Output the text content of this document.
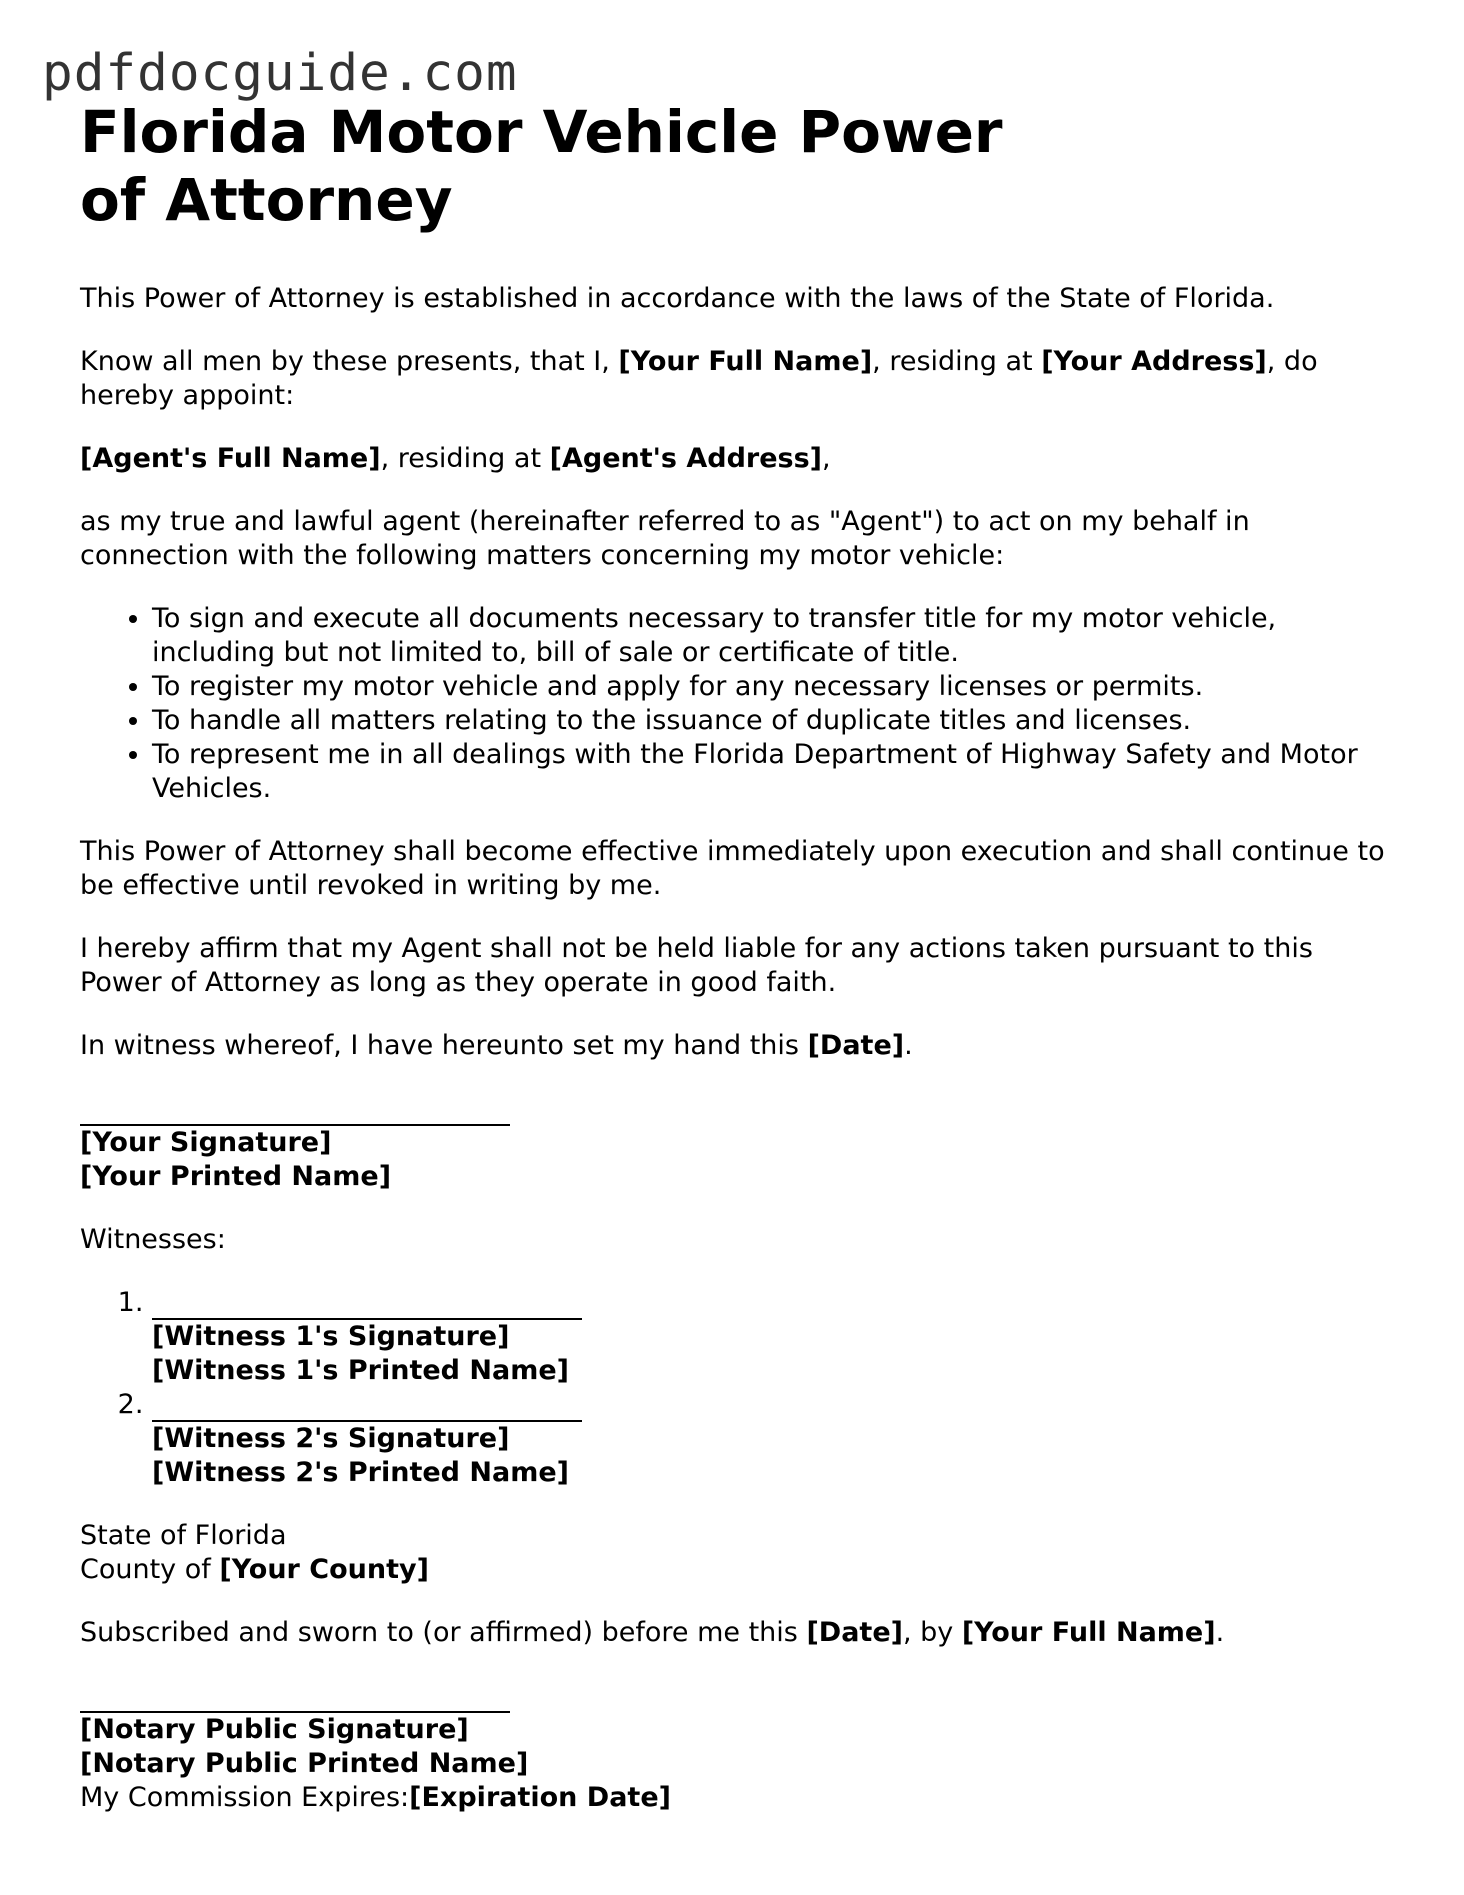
pdfdocguide.com
Florida Motor Vehicle Power of Attorney

This Power of Attorney is established in accordance with the laws of the State of Florida.

Know all men by these presents, that I, [Your Full Name], residing at [Your Address], do hereby appoint:

[Agent's Full Name], residing at [Agent's Address],

as my true and lawful agent (hereinafter referred to as "Agent") to act on my behalf in connection with the following matters concerning my motor vehicle:

• To sign and execute all documents necessary to transfer title for my motor vehicle, including but not limited to, bill of sale or certificate of title.
• To register my motor vehicle and apply for any necessary licenses or permits.
• To handle all matters relating to the issuance of duplicate titles and licenses.
• To represent me in all dealings with the Florida Department of Highway Safety and Motor Vehicles.

This Power of Attorney shall become effective immediately upon execution and shall continue to be effective until revoked in writing by me.

I hereby affirm that my Agent shall not be held liable for any actions taken pursuant to this Power of Attorney as long as they operate in good faith.

In witness whereof, I have hereunto set my hand this [Date].

[Your Signature]
[Your Printed Name]

Witnesses:

1. [Witness 1's Signature]
[Witness 1's Printed Name]
2. [Witness 2's Signature]
[Witness 2's Printed Name]
State of Florida
County of [Your County]

Subscribed and sworn to (or affirmed) before me this [Date], by [Your Full Name].

[Notary Public Signature]
[Notary Public Printed Name]
My Commission Expires:[Expiration Date]
